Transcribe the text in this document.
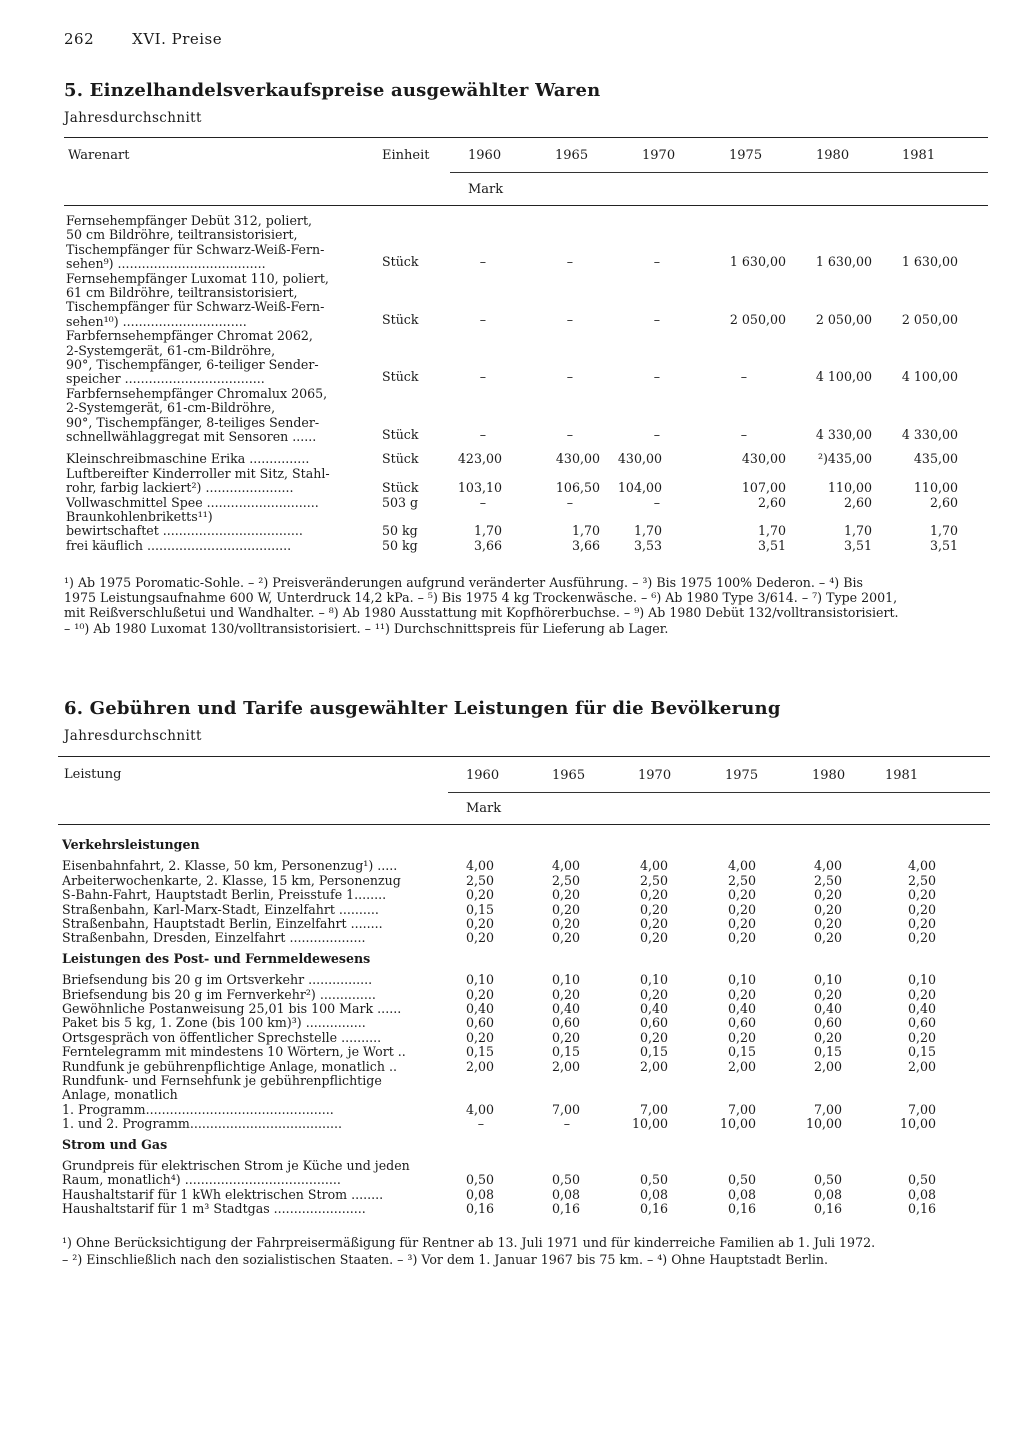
262	XVI. Preise
5. Einzelhandelsverkaufspreise ausgewählter Waren
Jahresdurchschnitt
Warenart	Einheit	1960	1965	1970	1975	1980	1981
Mark
Fernsehempfänger Debüt 312, poliert,
50 cm Bildröhre, teiltransistorisiert,
Tischempfänger für Schwarz-Weiß-Fern-
sehen⁹) .....................................	Stück	–	–	–	1 630,00	1 630,00	1 630,00
Fernsehempfänger Luxomat 110, poliert,
61 cm Bildröhre, teiltransistorisiert,
Tischempfänger für Schwarz-Weiß-Fern-
sehen¹⁰) ...............................	Stück	–	–	–	2 050,00	2 050,00	2 050,00
Farbfernsehempfänger Chromat 2062,
2-Systemgerät, 61-cm-Bildröhre,
90°, Tischempfänger, 6-teiliger Sender-
speicher ...................................	Stück	–	–	–	–	4 100,00	4 100,00
Farbfernsehempfänger Chromalux 2065,
2-Systemgerät, 61-cm-Bildröhre,
90°, Tischempfänger, 8-teiliges Sender-
schnellwählaggregat mit Sensoren ......	Stück	–	–	–	–	4 330,00	4 330,00
Kleinschreibmaschine Erika ...............	Stück	423,00	430,00	430,00	430,00	²)435,00	435,00
Luftbereifter Kinderroller mit Sitz, Stahl-
rohr, farbig lackiert²) ......................	Stück	103,10	106,50	104,00	107,00	110,00	110,00
Vollwaschmittel Spee ............................	503 g	–	–	–	2,60	2,60	2,60
Braunkohlenbriketts¹¹)
bewirtschaftet ...................................	50 kg	1,70	1,70	1,70	1,70	1,70	1,70
frei käuflich ....................................	50 kg	3,66	3,66	3,53	3,51	3,51	3,51
¹) Ab 1975 Poromatic-Sohle. – ²) Preisveränderungen aufgrund veränderter Ausführung. – ³) Bis 1975 100% Dederon. – ⁴) Bis
1975 Leistungsaufnahme 600 W, Unterdruck 14,2 kPa. – ⁵) Bis 1975 4 kg Trockenwäsche. – ⁶) Ab 1980 Type 3/614. – ⁷) Type 2001,
mit Reißverschlußetui und Wandhalter. – ⁸) Ab 1980 Ausstattung mit Kopfhörerbuchse. – ⁹) Ab 1980 Debüt 132/volltransistorisiert.
– ¹⁰) Ab 1980 Luxomat 130/volltransistorisiert. – ¹¹) Durchschnittspreis für Lieferung ab Lager.
6. Gebühren und Tarife ausgewählter Leistungen für die Bevölkerung
Jahresdurchschnitt
Leistung	1960	1965	1970	1975	1980	1981
Mark
Verkehrsleistungen
Eisenbahnfahrt, 2. Klasse, 50 km, Personenzug¹) .....	4,00	4,00	4,00	4,00	4,00	4,00
Arbeiterwochenkarte, 2. Klasse, 15 km, Personenzug	2,50	2,50	2,50	2,50	2,50	2,50
S-Bahn-Fahrt, Hauptstadt Berlin, Preisstufe 1........	0,20	0,20	0,20	0,20	0,20	0,20
Straßenbahn, Karl-Marx-Stadt, Einzelfahrt ..........	0,15	0,20	0,20	0,20	0,20	0,20
Straßenbahn, Hauptstadt Berlin, Einzelfahrt ........	0,20	0,20	0,20	0,20	0,20	0,20
Straßenbahn, Dresden, Einzelfahrt ...................	0,20	0,20	0,20	0,20	0,20	0,20
Leistungen des Post- und Fernmeldewesens
Briefsendung bis 20 g im Ortsverkehr ................	0,10	0,10	0,10	0,10	0,10	0,10
Briefsendung bis 20 g im Fernverkehr²) ..............	0,20	0,20	0,20	0,20	0,20	0,20
Gewöhnliche Postanweisung 25,01 bis 100 Mark ......	0,40	0,40	0,40	0,40	0,40	0,40
Paket bis 5 kg, 1. Zone (bis 100 km)³) ...............	0,60	0,60	0,60	0,60	0,60	0,60
Ortsgespräch von öffentlicher Sprechstelle ..........	0,20	0,20	0,20	0,20	0,20	0,20
Ferntelegramm mit mindestens 10 Wörtern, je Wort ..	0,15	0,15	0,15	0,15	0,15	0,15
Rundfunk je gebührenpflichtige Anlage, monatlich ..	2,00	2,00	2,00	2,00	2,00	2,00
Rundfunk- und Fernsehfunk je gebührenpflichtige
Anlage, monatlich
1. Programm...............................................	4,00	7,00	7,00	7,00	7,00	7,00
1. und 2. Programm......................................	–	–	10,00	10,00	10,00	10,00
Strom und Gas
Grundpreis für elektrischen Strom je Küche und jeden
Raum, monatlich⁴) .......................................	0,50	0,50	0,50	0,50	0,50	0,50
Haushaltstarif für 1 kWh elektrischen Strom ........	0,08	0,08	0,08	0,08	0,08	0,08
Haushaltstarif für 1 m³ Stadtgas .......................	0,16	0,16	0,16	0,16	0,16	0,16
¹) Ohne Berücksichtigung der Fahrpreisermäßigung für Rentner ab 13. Juli 1971 und für kinderreiche Familien ab 1. Juli 1972.
– ²) Einschließlich nach den sozialistischen Staaten. – ³) Vor dem 1. Januar 1967 bis 75 km. – ⁴) Ohne Hauptstadt Berlin.
